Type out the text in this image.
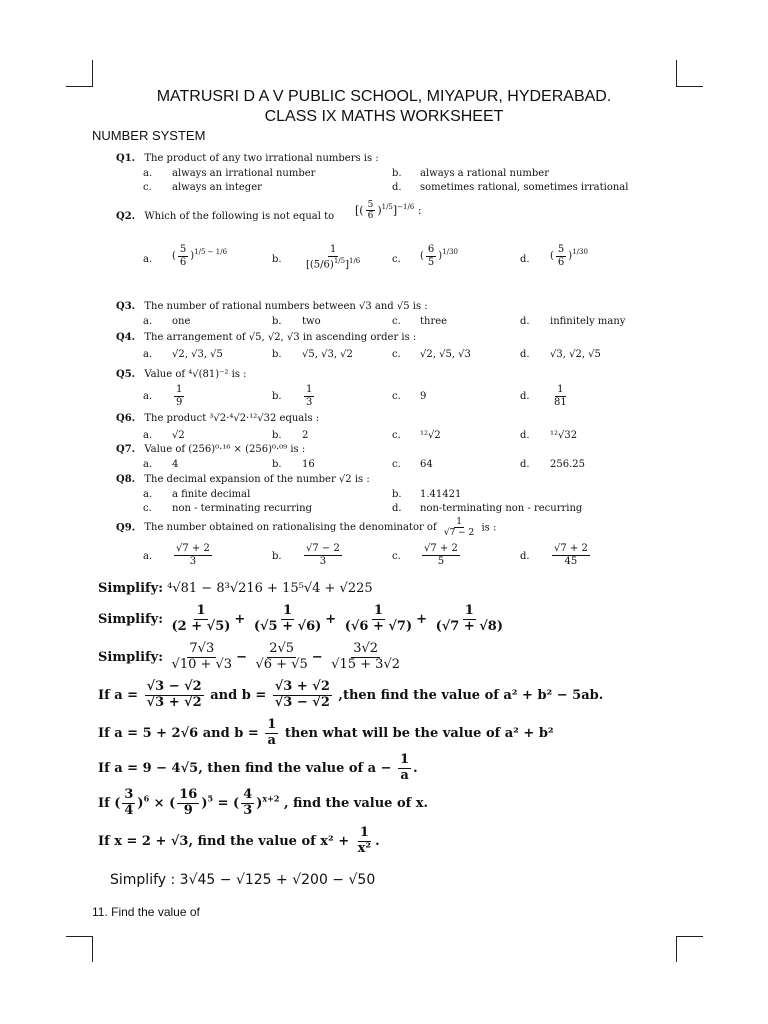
MATRUSRI D A V PUBLIC SCHOOL, MIYAPUR, HYDERABAD.
CLASS IX MATHS WORKSHEET
NUMBER SYSTEM
Q1. The product of any two irrational numbers is :
a. always an irrational number	b. always a rational number
c. always an integer	d. sometimes rational, sometimes irrational
Q2. Which of the following is not equal to [( $\frac{5}{6} )^{1/5}]^{-1/6}$ :
a. ( $\frac{5}{6} )^{1/5 - 1/6}$
b. $\frac{1}{[(5/6)^{1/5}]^{1/6}}$	c. ( $\frac{6}{5} )^{1/30}$
d. ( $\frac{5}{6} )^{1/30}$
Q3. The number of rational numbers between √3 and √5 is :
a. one	b. two	c. three	d. infinitely many
Q4. The arrangement of √5, √2, √3 in ascending order is :
a. √2, √3, √5	b. √5, √3, √2	c. √2, √5, √3	d. √3, √2, √5
Q5. Value of ⁴√(81)⁻² is :
a. $\frac{1}{9}$	b. $\frac{1}{3}$	c. 9	d. $\frac{1}{81}$
Q6. The product ³√2·⁴√2·¹²√32 equals :
a. √2	b. 2	c. ¹²√2	d. ¹²√32
Q7. Value of (256)⁰·¹⁶ × (256)⁰·⁰⁹ is :
a. 4	b. 16	c. 64	d. 256.25
Q8. The decimal expansion of the number √2 is :
a. a finite decimal	b. 1.41421
c. non - terminating recurring	d. non-terminating non - recurring
Q9. The number obtained on rationalising the denominator of $\frac{1}{√7 - 2}$ is :
a. $\frac{√7 + 2}{3}$	b. $\frac{√7 - 2}{3}$	c. $\frac{√7 + 2}{5}$	d. $\frac{√7 + 2}{45}$
Simplify: ⁴√81 − 8³√216 + 15⁵√4 + √225
Simplify: $\frac{1}{(2 + √5)} + \frac{1}{(√5 + √6)} + \frac{1}{(√6 + √7)} + \frac{1}{(√7 + √8)}$
Simplify: $\frac{7√3}{√10 + √3} - \frac{2√5}{√6 + √5} - \frac{3√2}{√15 + 3√2}$
If $a = \frac{√3 - √2}{√3 + √2}$ and $b = \frac{√3 + √2}{√3 - √2}$ ,then find the value of a² + b² − 5ab.
If a = 5 + 2√6 and $b = \frac{1}{a}$ then what will be the value of a² + b²
If a = 9 − 4√5, then find the value of $a - \frac{1}{a}$ .
If ( $\frac{3}{4} )^6$ × ( $\frac{16}{9} )^5$ = ( $\frac{4}{3} )^{x+2}$ , find the value of x.
If x = 2 + √3, find the value of $x^2 + \frac{1}{\text{x²}}$ .
Simplify : 3√45 − √125 + √200 − √50
11. Find the value of
